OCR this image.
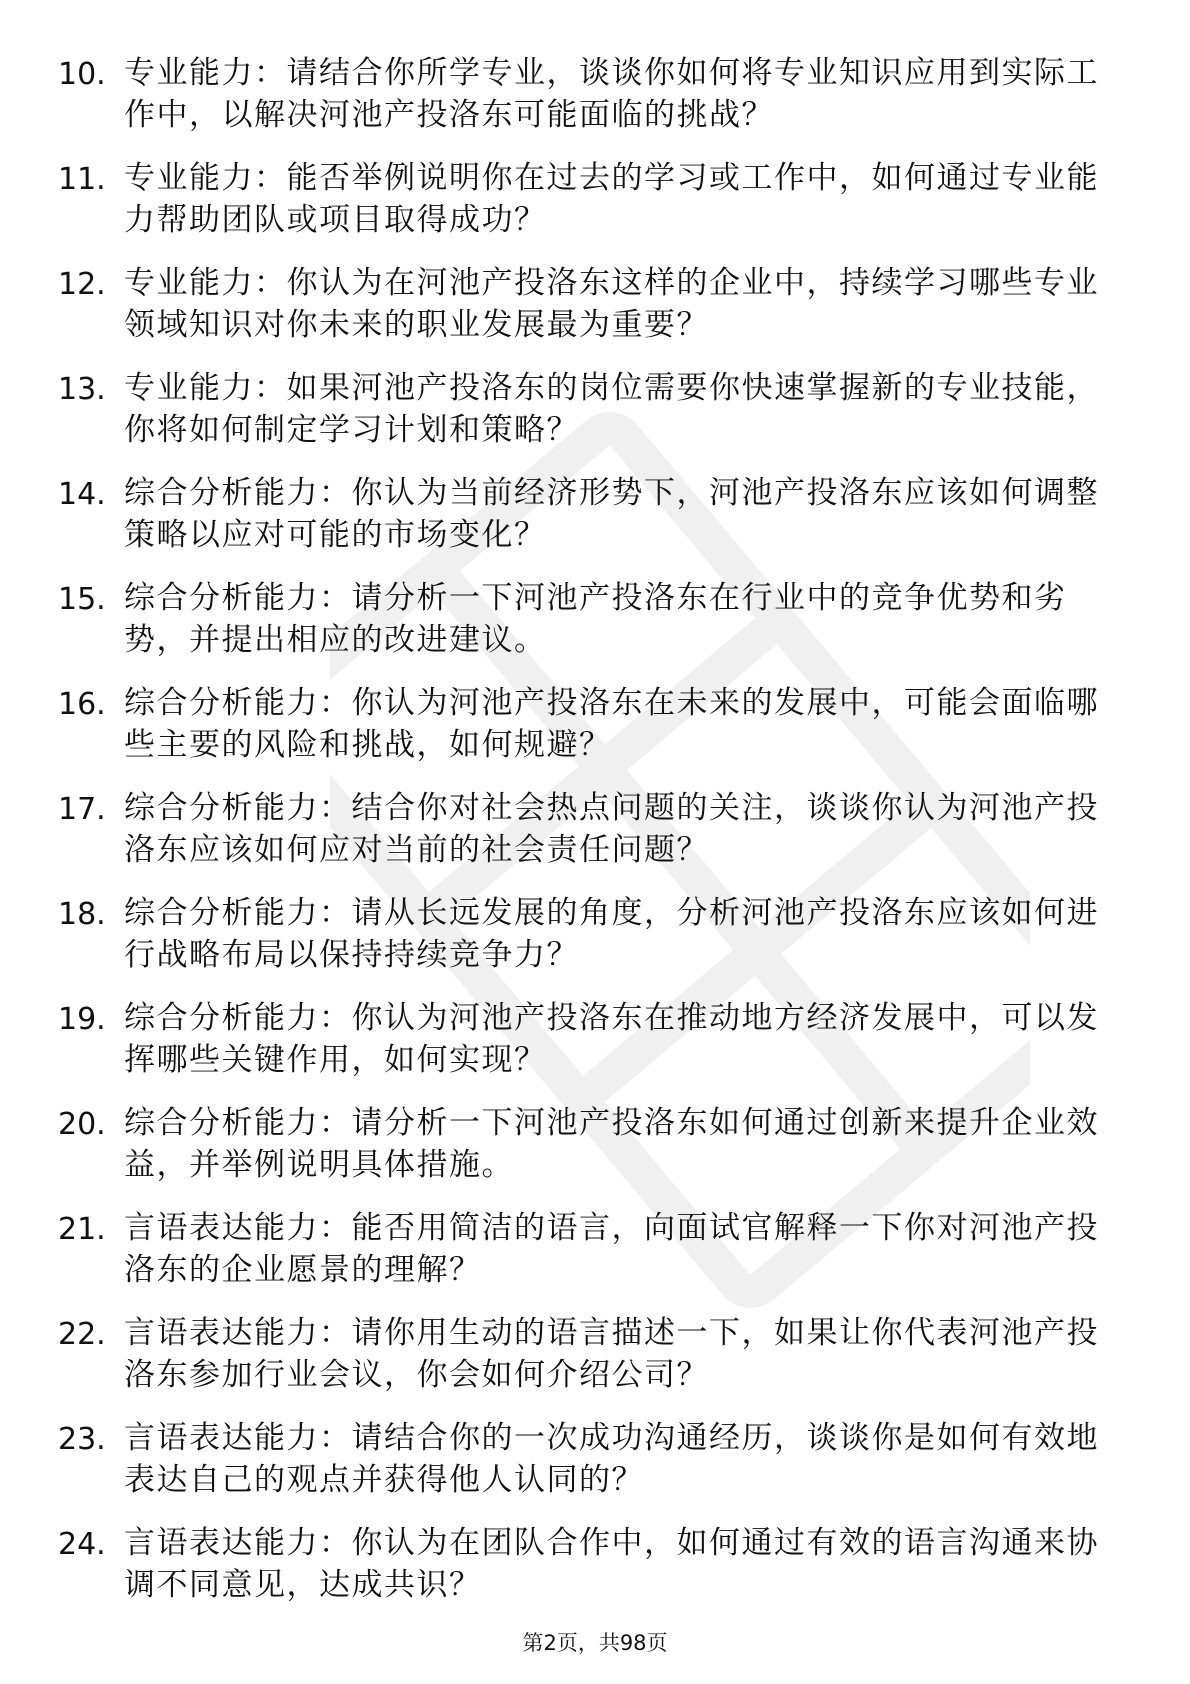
10. 专业能力：请结合你所学专业，谈谈你如何将专业知识应用到实际工作中，以解决河池产投洛东可能面临的挑战？
11. 专业能力：能否举例说明你在过去的学习或工作中，如何通过专业能力帮助团队或项目取得成功？
12. 专业能力：你认为在河池产投洛东这样的企业中，持续学习哪些专业领域知识对你未来的职业发展最为重要？
13. 专业能力：如果河池产投洛东的岗位需要你快速掌握新的专业技能，你将如何制定学习计划和策略？
14. 综合分析能力：你认为当前经济形势下，河池产投洛东应该如何调整策略以应对可能的市场变化？
15. 综合分析能力：请分析一下河池产投洛东在行业中的竞争优势和劣势，并提出相应的改进建议。
16. 综合分析能力：你认为河池产投洛东在未来的发展中，可能会面临哪些主要的风险和挑战，如何规避？
17. 综合分析能力：结合你对社会热点问题的关注，谈谈你认为河池产投洛东应该如何应对当前的社会责任问题？
18. 综合分析能力：请从长远发展的角度，分析河池产投洛东应该如何进行战略布局以保持持续竞争力？
19. 综合分析能力：你认为河池产投洛东在推动地方经济发展中，可以发挥哪些关键作用，如何实现？
20. 综合分析能力：请分析一下河池产投洛东如何通过创新来提升企业效益，并举例说明具体措施。
21. 言语表达能力：能否用简洁的语言，向面试官解释一下你对河池产投洛东的企业愿景的理解？
22. 言语表达能力：请你用生动的语言描述一下，如果让你代表河池产投洛东参加行业会议，你会如何介绍公司？
23. 言语表达能力：请结合你的一次成功沟通经历，谈谈你是如何有效地表达自己的观点并获得他人认同的？
24. 言语表达能力：你认为在团队合作中，如何通过有效的语言沟通来协调不同意见，达成共识？
第2页，共98页
